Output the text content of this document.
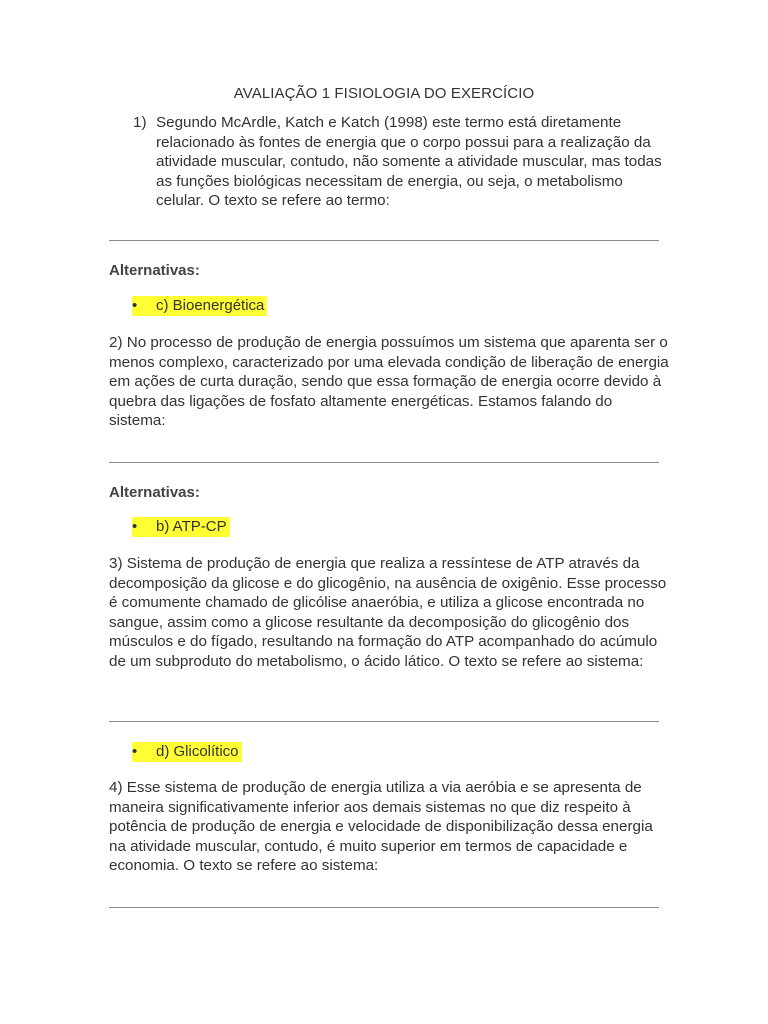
AVALIAÇÃO 1 FISIOLOGIA DO EXERCÍCIO
1) Segundo McArdle, Katch e Katch (1998) este termo está diretamente relacionado às fontes de energia que o corpo possui para a realização da atividade muscular, contudo, não somente a atividade muscular, mas todas as funções biológicas necessitam de energia, ou seja, o metabolismo celular. O texto se refere ao termo:
Alternativas:
• c) Bioenergética
2) No processo de produção de energia possuímos um sistema que aparenta ser o menos complexo, caracterizado por uma elevada condição de liberação de energia em ações de curta duração, sendo que essa formação de energia ocorre devido à quebra das ligações de fosfato altamente energéticas. Estamos falando do sistema:
Alternativas:
• b) ATP-CP
3) Sistema de produção de energia que realiza a ressíntese de ATP através da decomposição da glicose e do glicogênio, na ausência de oxigênio. Esse processo é comumente chamado de glicólise anaeróbia, e utiliza a glicose encontrada no sangue, assim como a glicose resultante da decomposição do glicogênio dos músculos e do fígado, resultando na formação do ATP acompanhado do acúmulo de um subproduto do metabolismo, o ácido lático. O texto se refere ao sistema:
• d) Glicolítico
4) Esse sistema de produção de energia utiliza a via aeróbia e se apresenta de maneira significativamente inferior aos demais sistemas no que diz respeito à potência de produção de energia e velocidade de disponibilização dessa energia na atividade muscular, contudo, é muito superior em termos de capacidade e economia. O texto se refere ao sistema:
